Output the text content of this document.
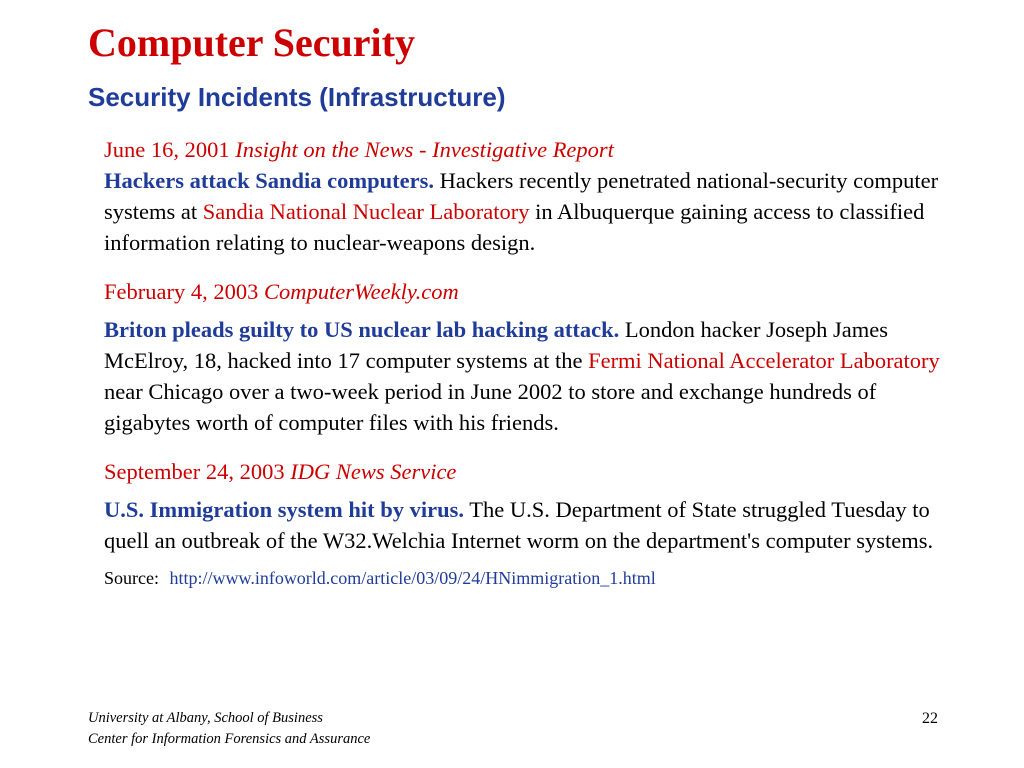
Computer Security
Security Incidents (Infrastructure)
June 16, 2001 Insight on the News - Investigative Report
Hackers attack Sandia computers. Hackers recently penetrated national-security computer systems at Sandia National Nuclear Laboratory in Albuquerque gaining access to classified information relating to nuclear-weapons design.
February 4, 2003 ComputerWeekly.com
Briton pleads guilty to US nuclear lab hacking attack. London hacker Joseph James McElroy, 18, hacked into 17 computer systems at the Fermi National Accelerator Laboratory near Chicago over a two-week period in June 2002 to store and exchange hundreds of gigabytes worth of computer files with his friends.
September 24, 2003 IDG News Service
U.S. Immigration system hit by virus. The U.S. Department of State struggled Tuesday to quell an outbreak of the W32.Welchia Internet worm on the department's computer systems.
Source: http://www.infoworld.com/article/03/09/24/HNimmigration_1.html
University at Albany, School of Business
Center for Information Forensics and Assurance
22
